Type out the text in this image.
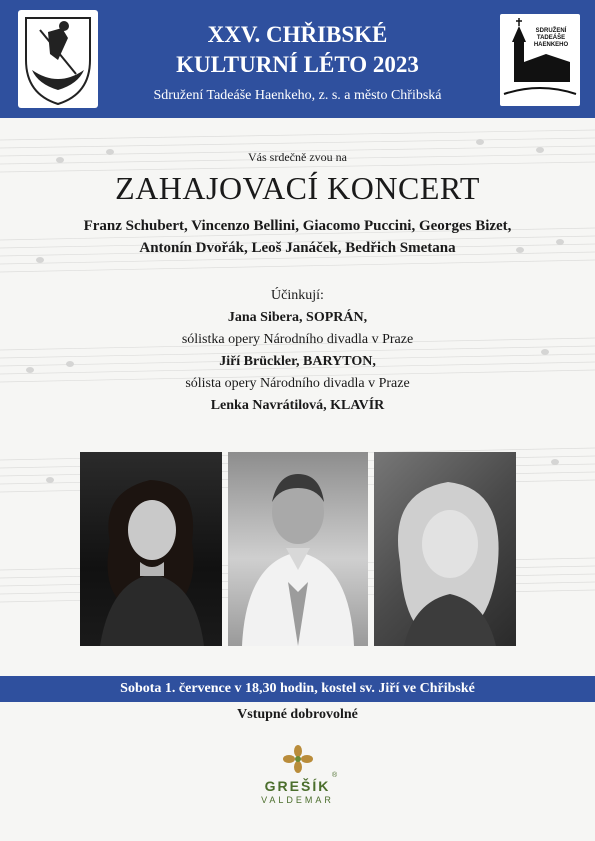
XXV. CHŘIBSKÉ
KULTURNÍ LÉTO 2023
Sdružení Tadeáše Haenkeho, z. s. a město Chřibská
SDRUŽENÍ TADEÁŠE HAENKEHO
Vás srdečně zvou na
ZAHAJOVACÍ KONCERT
Franz Schubert, Vincenzo Bellini, Giacomo Puccini, Georges Bizet,
Antonín Dvořák, Leoš Janáček, Bedřich Smetana
Účinkují:
Jana Sibera, SOPRÁN,
sólistka opery Národního divadla v Praze
Jiří Brückler, BARYTON,
sólista opery Národního divadla v Praze
Lenka Navrátilová, KLAVÍR
Sobota 1. července v 18,30 hodin, kostel sv. Jiří ve Chřibské
Vstupné dobrovolné
GREŠÍK
®
VALDEMAR
